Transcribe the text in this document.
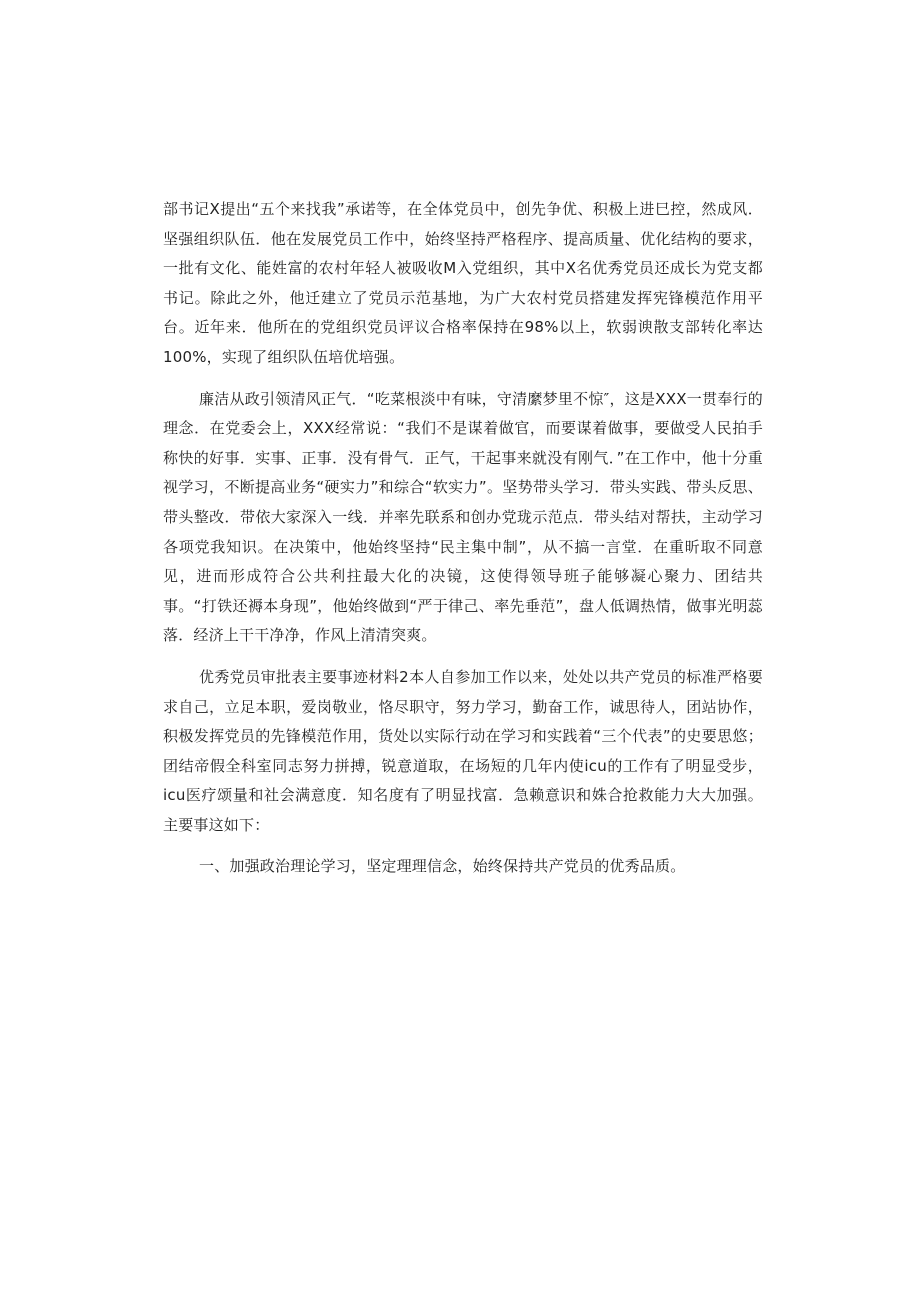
部书记X提出“五个来找我”承诺等，在全体党员中，创先争优、积极上进巳控，然成风．坚强组织队伍．他在发展党员工作中，始终坚持严格程序、提高质量、优化结构的要求，一批有文化、能姓富的农村年轻人被吸收M入党组织，其中X名优秀党员还成长为党支都书记。除此之外，他迁建立了党员示范基地，为广大农村党员搭建发挥宪锋模范作用平台。近年来．他所在的党组织党员评议合格率保持在98%以上，软弱谀散支部转化率达100%，实现了组织队伍培优培强。

廉洁从政引领清风正气．“吃菜根淡中有味，守清縻梦里不惊″，这是XXX一贯奉行的理念．在党委会上，XXX经常说：“我们不是谋着做官，而要谋着做事，要做受人民拍手称快的好事．实事、正事．没有骨气．正气，干起事来就没有刚气．”在工作中，他十分重视学习，不断提高业务“硬实力”和综合“软实力”。坚势带头学习．带头实践、带头反思、带头整改．带依大家深入一线．并率先联系和创办党珑示范点．带头结对帮扶，主动学习各项党我知识。在决策中，他始终坚持“民主集中制”，从不搞一言堂．在重昕取不同意见，进而形成符合公共利拄最大化的决镜，这使得领导班子能够凝心聚力、团结共事。“打铁还褥本身现”，他始终做到“严于律己、率先垂范”，盘人低调热情，做事光明蕊落．经济上干干净净，作风上清清突爽。

优秀党员审批表主要事迹材料2本人自参加工作以来，处处以共产党员的标准严格要求自己，立足本职，爱岗敬业，恪尽职守，努力学习，勤奋工作，诚思待人，团站协作，积极发挥党员的先锋模范作用，货处以实际行动在学习和实践着“三个代表”的史要思悠；团结帝假全科室同志努力拼搏，锐意道取，在场短的几年内使icu的工作有了明显受步，icu医疗颂量和社会满意度．知名度有了明显找富．急赖意识和姝合抢救能力大大加强。主要事这如下：

一、加强政治理论学习，坚定理理信念，始终保持共产党员的优秀品质。
